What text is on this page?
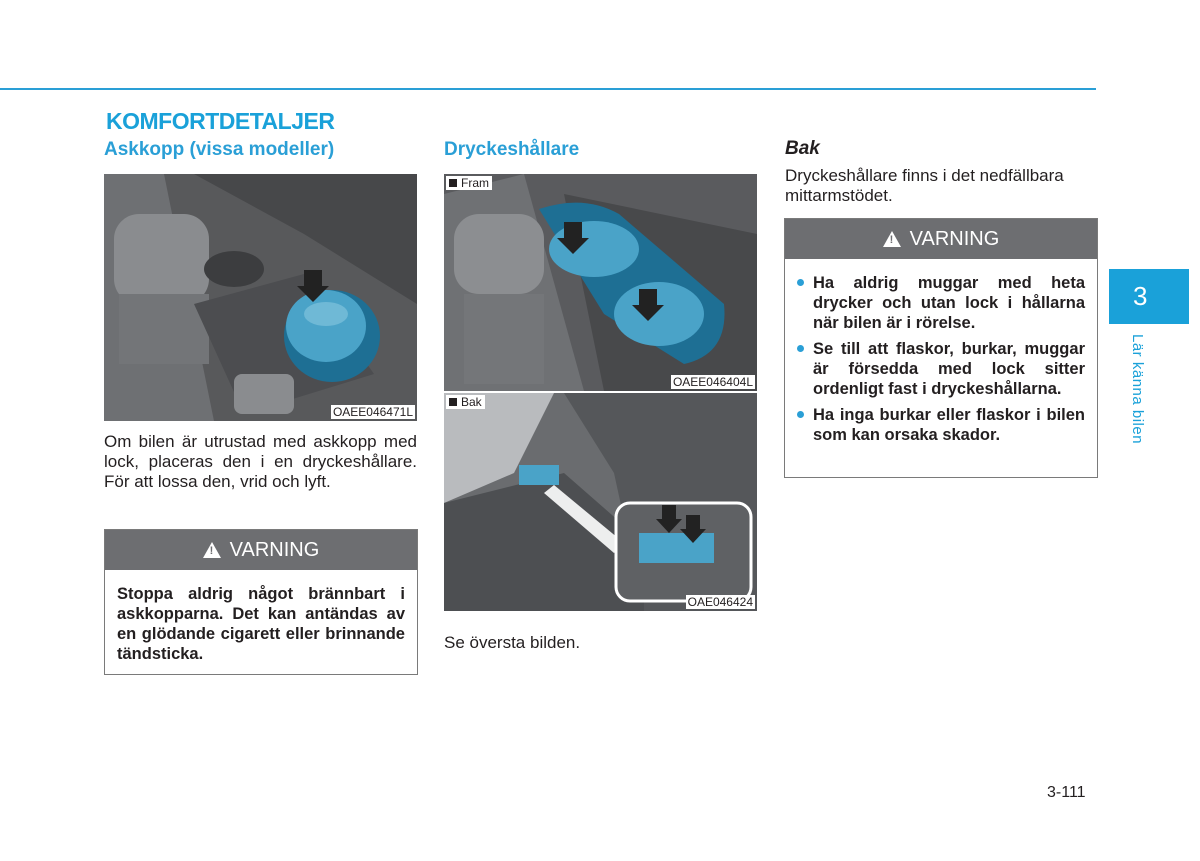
KOMFORTDETALJER
Askkopp (vissa modeller)
OAEE046471L

Om bilen är utrustad med askkopp med lock, placeras den i en dryckeshållare. För att lossa den, vrid och lyft.

! VARNING
Stoppa aldrig något brännbart i askkopparna. Det kan antändas av en glödande cigarett eller brinnande tändsticka.
Dryckeshållare
Fram
OAEE046404L
Bak
OAE046424

Se översta bilden.

Bak

Dryckeshållare finns i det nedfällbara mittarmstödet.

! VARNING
Ha aldrig muggar med heta drycker och utan lock i hållarna när bilen är i rörelse.
Se till att flaskor, burkar, muggar är försedda med lock sitter ordenligt fast i dryckeshållarna.
Ha inga burkar eller flaskor i bilen som kan orsaka skador.
3
Lär känna bilen
3-111
